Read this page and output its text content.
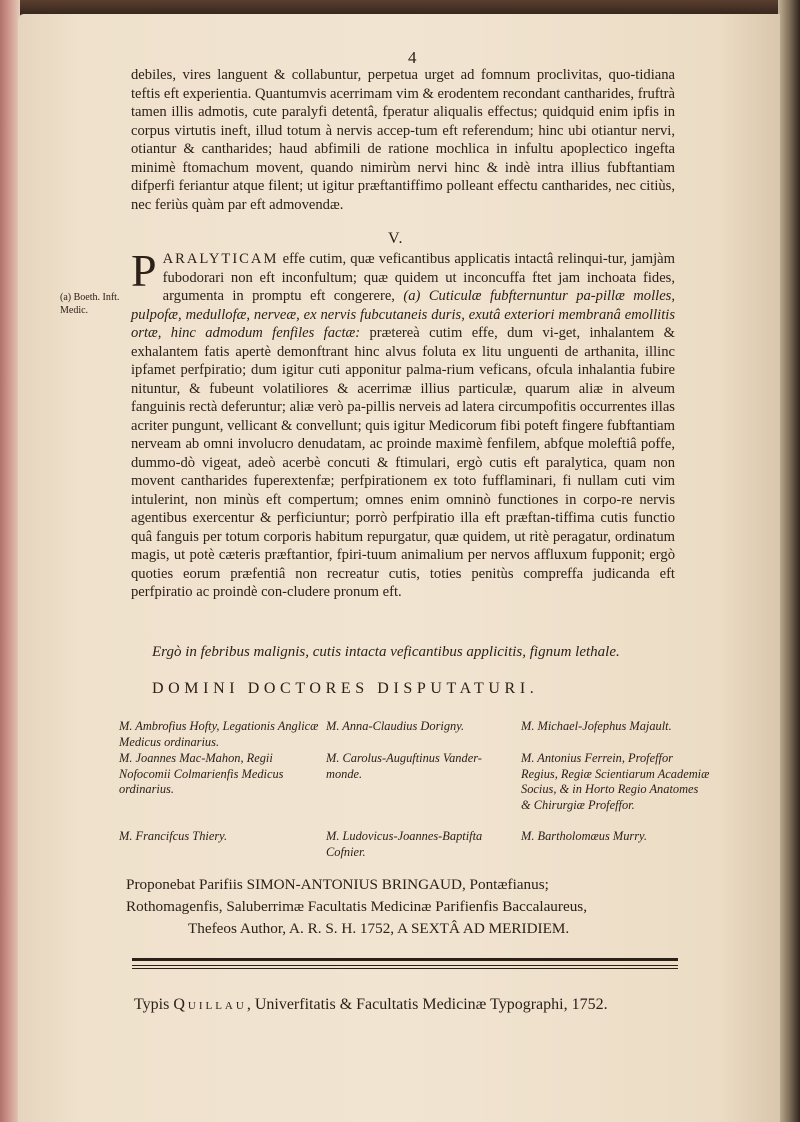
4

debiles, vires languent & collabuntur, perpetua urget ad fomnum proclivitas, quo-tidiana teftis eft experientia. Quantumvis acerrimam vim & erodentem recondant cantharides, fruftrà tamen illis admotis, cute paralyfi detentâ, fperatur aliqualis effectus; quidquid enim ipfis in corpus virtutis ineft, illud totum à nervis accep-tum eft referendum; hinc ubi otiantur nervi, otiantur & cantharides; haud abfimili de ratione mochlica in infultu apoplectico ingefta minimè ftomachum movent, quando nimirùm nervi hinc & indè intra illius fubftantiam difperfi feriantur atque filent; ut igitur præftantiffimo polleant effectu cantharides, nec citiùs, nec feriùs quàm par eft admovendæ.

V.

PARALYTICAM effe cutim, quæ veficantibus applicatis intactâ relinqui-tur, jamjàm fubodorari non eft inconfultum; quæ quidem ut inconcuffa ftet jam inchoata fides, argumenta in promptu eft congerere, (a) Cuticulæ fubfternuntur pa-pillæ molles, pulpofæ, medullofæ, nerveæ, ex nervis fubcutaneis duris, exutâ exteriori membranâ emollitis ortæ, hinc admodum fenfiles factæ: prætereà cutim effe, dum vi-get, inhalantem & exhalantem fatis apertè demonftrant hinc alvus foluta ex litu unguenti de arthanita, illinc ipfamet perfpiratio; dum igitur cuti apponitur palma-rium veficans, ofcula inhalantia fubire nituntur, & fubeunt volatiliores & acerrimæ illius particulæ, quarum aliæ in alveum fanguinis rectà deferuntur; aliæ verò pa-pillis nerveis ad latera circumpofitis occurrentes illas acriter pungunt, vellicant & convellunt; quis igitur Medicorum fibi poteft fingere fubftantiam nerveam ab omni involucro denudatam, ac proinde maximè fenfilem, abfque moleftiâ poffe, dummo-dò vigeat, adeò acerbè concuti & ftimulari, ergò cutis eft paralytica, quam non movent cantharides fuperextenfæ; perfpirationem ex toto fufflaminari, fi nullam cuti vim intulerint, non minùs eft compertum; omnes enim omninò functiones in corpo-re nervis agentibus exercentur & perficiuntur; porrò perfpiratio illa eft præftan-tiffima cutis functio quâ fanguis per totum corporis habitum repurgatur, quæ quidem, ut ritè peragatur, ordinatum magis, ut potè cæteris præftantior, fpiri-tuum animalium per nervos affluxum fupponit; ergò quoties eorum præfentiâ non recreatur cutis, toties penitùs compreffa judicanda eft perfpiratio ac proindè con-cludere pronum eft.

(a) Boeth. Inft. Medic.
Ergò in febribus malignis, cutis intacta veficantibus applicitis, fignum lethale.
DOMINI DOCTORES DISPUTATURI.
M. Ambrofius Hofty, Legationis Anglicæ Medicus ordinarius.
M. Anna-Claudius Dorigny.	M. Michael-Jofephus Majault.
M. Joannes Mac-Mahon, Regii Nofocomii Colmarienfis Medicus ordinarius.
M. Carolus-Auguftinus Vander-monde.
M. Antonius Ferrein, Profeffor Regius, Regiæ Scientiarum Academiæ Socius, & in Horto Regio Anatomes & Chirurgiæ Profeffor.
M. Francifcus Thiery.	M. Ludovicus-Joannes-Baptifta Cofnier.
M. Bartholomæus Murry.
Proponebat Parifiis SIMON-ANTONIUS BRINGAUD, Pontæfianus;
Rothomagenfis, Saluberrimæ Facultatis Medicinæ Parifienfis Baccalaureus,
Thefeos Author, A. R. S. H. 1752, A SEXTÂ AD MERIDIEM.
Typis Quillau, Univerfitatis & Facultatis Medicinæ Typographi, 1752.
